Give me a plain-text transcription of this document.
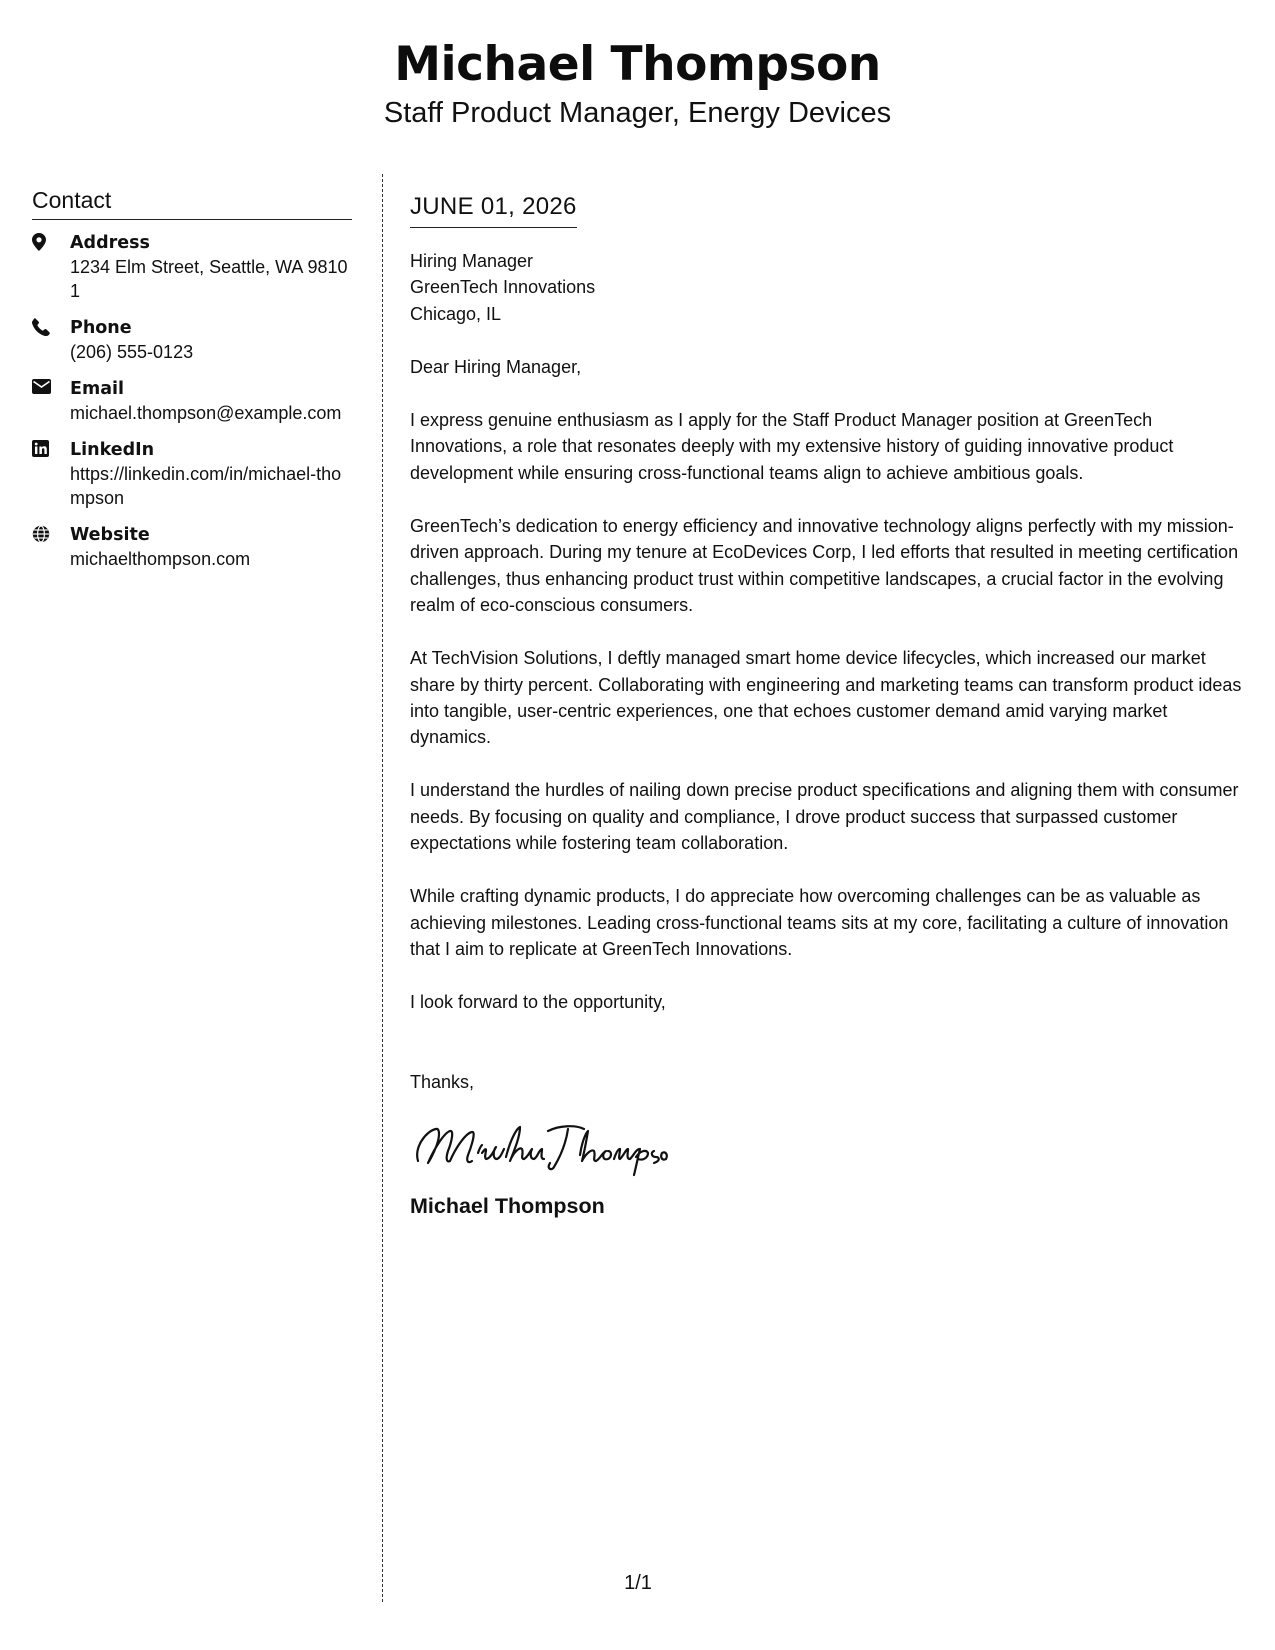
Michael Thompson
Staff Product Manager, Energy Devices
Contact
Address
1234 Elm Street, Seattle, WA 98101
Phone
(206) 555-0123
Email
michael.thompson@example.com
LinkedIn
https://linkedin.com/in/michael-thompson
Website
michaelthompson.com
JUNE 01, 2026
Hiring Manager
GreenTech Innovations
Chicago, IL
Dear Hiring Manager,

I express genuine enthusiasm as I apply for the Staff Product Manager position at GreenTech Innovations, a role that resonates deeply with my extensive history of guiding innovative product development while ensuring cross-functional teams align to achieve ambitious goals.

GreenTech’s dedication to energy efficiency and innovative technology aligns perfectly with my mission-driven approach. During my tenure at EcoDevices Corp, I led efforts that resulted in meeting certification challenges, thus enhancing product trust within competitive landscapes, a crucial factor in the evolving realm of eco-conscious consumers.

At TechVision Solutions, I deftly managed smart home device lifecycles, which increased our market share by thirty percent. Collaborating with engineering and marketing teams can transform product ideas into tangible, user-centric experiences, one that echoes customer demand amid varying market dynamics.

I understand the hurdles of nailing down precise product specifications and aligning them with consumer needs. By focusing on quality and compliance, I drove product success that surpassed customer expectations while fostering team collaboration.

While crafting dynamic products, I do appreciate how overcoming challenges can be as valuable as achieving milestones. Leading cross-functional teams sits at my core, facilitating a culture of innovation that I aim to replicate at GreenTech Innovations.

I look forward to the opportunity,
Thanks,
Michael Thompson
1/1
